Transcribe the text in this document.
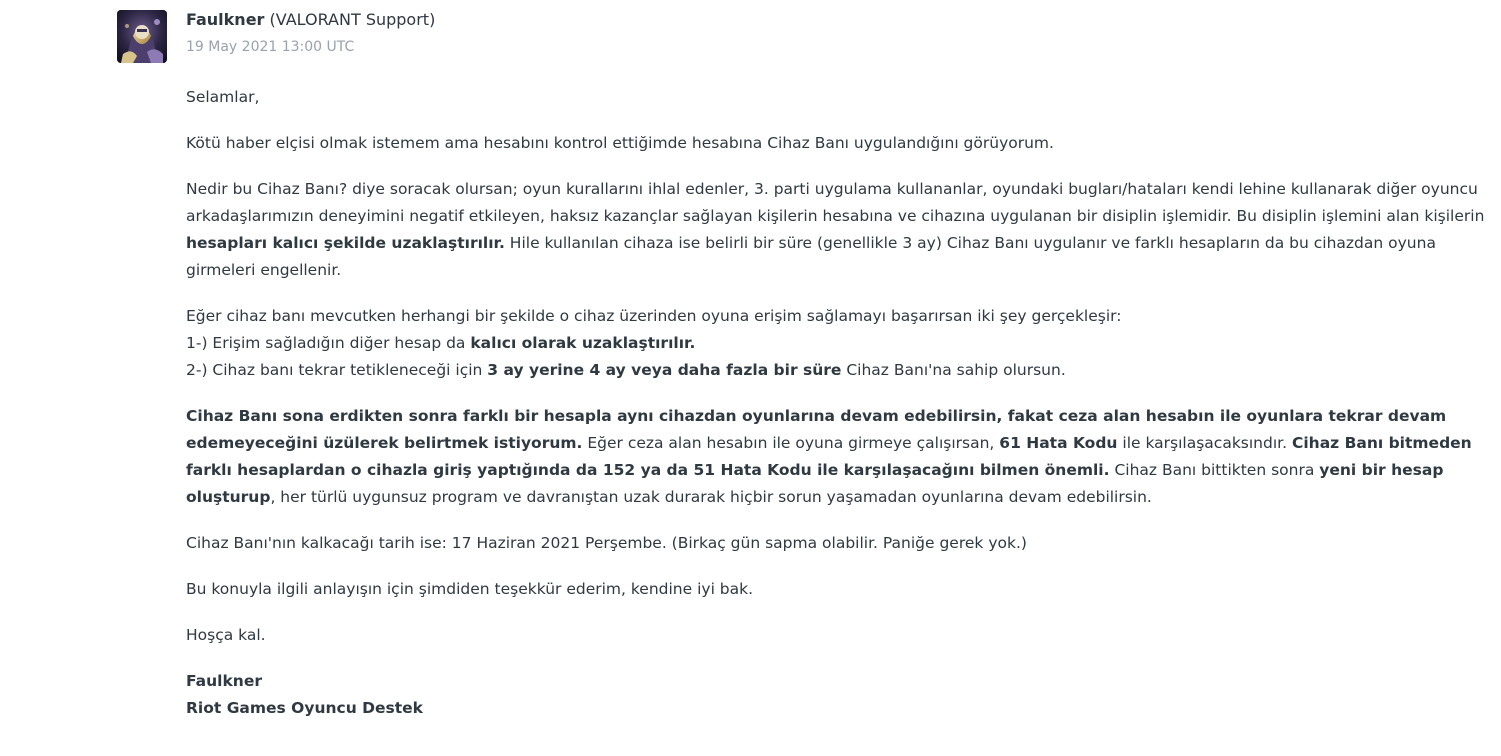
Faulkner (VALORANT Support)
19 May 2021 13:00 UTC

Selamlar,

Kötü haber elçisi olmak istemem ama hesabını kontrol ettiğimde hesabına Cihaz Banı uygulandığını görüyorum.

Nedir bu Cihaz Banı? diye soracak olursan; oyun kurallarını ihlal edenler, 3. parti uygulama kullananlar, oyundaki bugları/hataları kendi lehine kullanarak diğer oyuncu arkadaşlarımızın deneyimini negatif etkileyen, haksız kazançlar sağlayan kişilerin hesabına ve cihazına uygulanan bir disiplin işlemidir. Bu disiplin işlemini alan kişilerin hesapları kalıcı şekilde uzaklaştırılır. Hile kullanılan cihaza ise belirli bir süre (genellikle 3 ay) Cihaz Banı uygulanır ve farklı hesapların da bu cihazdan oyuna girmeleri engellenir.

Eğer cihaz banı mevcutken herhangi bir şekilde o cihaz üzerinden oyuna erişim sağlamayı başarırsan iki şey gerçekleşir:
1-) Erişim sağladığın diğer hesap da kalıcı olarak uzaklaştırılır.
2-) Cihaz banı tekrar tetikleneceği için 3 ay yerine 4 ay veya daha fazla bir süre Cihaz Banı'na sahip olursun.

Cihaz Banı sona erdikten sonra farklı bir hesapla aynı cihazdan oyunlarına devam edebilirsin, fakat ceza alan hesabın ile oyunlara tekrar devam edemeyeceğini üzülerek belirtmek istiyorum. Eğer ceza alan hesabın ile oyuna girmeye çalışırsan, 61 Hata Kodu ile karşılaşacaksındır. Cihaz Banı bitmeden farklı hesaplardan o cihazla giriş yaptığında da 152 ya da 51 Hata Kodu ile karşılaşacağını bilmen önemli. Cihaz Banı bittikten sonra yeni bir hesap oluşturup, her türlü uygunsuz program ve davranıştan uzak durarak hiçbir sorun yaşamadan oyunlarına devam edebilirsin.

Cihaz Banı'nın kalkacağı tarih ise: 17 Haziran 2021 Perşembe. (Birkaç gün sapma olabilir. Paniğe gerek yok.)

Bu konuyla ilgili anlayışın için şimdiden teşekkür ederim, kendine iyi bak.

Hoşça kal.

Faulkner
Riot Games Oyuncu Destek
